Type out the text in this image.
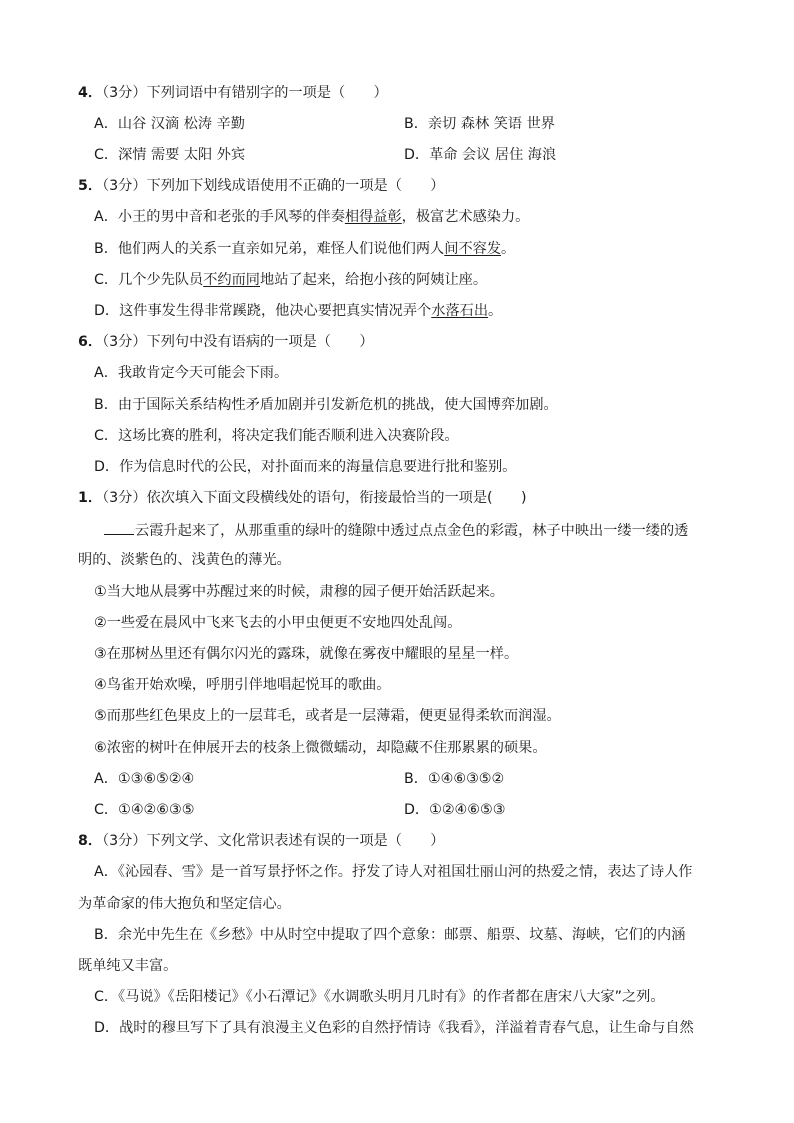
4．（3分）下列词语中有错别字的一项是（　　）
A．山谷 汉滴 松涛 辛勤	B．亲切 森林 笑语 世界
C．深情 需要 太阳 外宾	D．革命 会议 居住 海浪
5．（3分）下列加下划线成语使用不正确的一项是（　　）
A．小王的男中音和老张的手风琴的伴奏相得益彰，极富艺术感染力。
B．他们两人的关系一直亲如兄弟，难怪人们说他们两人间不容发。
C．几个少先队员不约而同地站了起来，给抱小孩的阿姨让座。
D．这件事发生得非常蹊跷，他决心要把真实情况弄个水落石出。
6．（3分）下列句中没有语病的一项是（　　）
A．我敢肯定今天可能会下雨。
B．由于国际关系结构性矛盾加剧并引发新危机的挑战，使大国博弈加剧。
C．这场比赛的胜利，将决定我们能否顺利进入决赛阶段。
D．作为信息时代的公民，对扑面而来的海量信息要进行批和鉴别。
1．（3分）依次填入下面文段横线处的语句，衔接最恰当的一项是(　　)
云霞升起来了，从那重重的绿叶的缝隙中透过点点金色的彩霞，林子中映出一缕一缕的透
明的、淡紫色的、浅黄色的薄光。
①当大地从晨雾中苏醒过来的时候，肃穆的园子便开始活跃起来。
②一些爱在晨风中飞来飞去的小甲虫便更不安地四处乱闯。
③在那树丛里还有偶尔闪光的露珠，就像在雾夜中耀眼的星星一样。
④鸟雀开始欢噪，呼朋引伴地唱起悦耳的歌曲。
⑤而那些红色果皮上的一层茸毛，或者是一层薄霜，便更显得柔软而润湿。
⑥浓密的树叶在伸展开去的枝条上微微蠕动，却隐藏不住那累累的硕果。
A．①③⑥⑤②④	B．①④⑥③⑤②
C．①④②⑥③⑤	D．①②④⑥⑤③
8．（3分）下列文学、文化常识表述有误的一项是（　　）
A．《沁园春、雪》是一首写景抒怀之作。抒发了诗人对祖国壮丽山河的热爱之情，表达了诗人作
为革命家的伟大抱负和坚定信心。
B．余光中先生在《乡愁》中从时空中提取了四个意象：邮票、船票、坟墓、海峡，它们的内涵
既单纯又丰富。
C．《马说》《岳阳楼记》《小石潭记》《水调歌头明月几时有》的作者都在唐宋八大家”之列。
D．战时的穆旦写下了具有浪漫主义色彩的自然抒情诗《我看》，洋溢着青春气息，让生命与自然
